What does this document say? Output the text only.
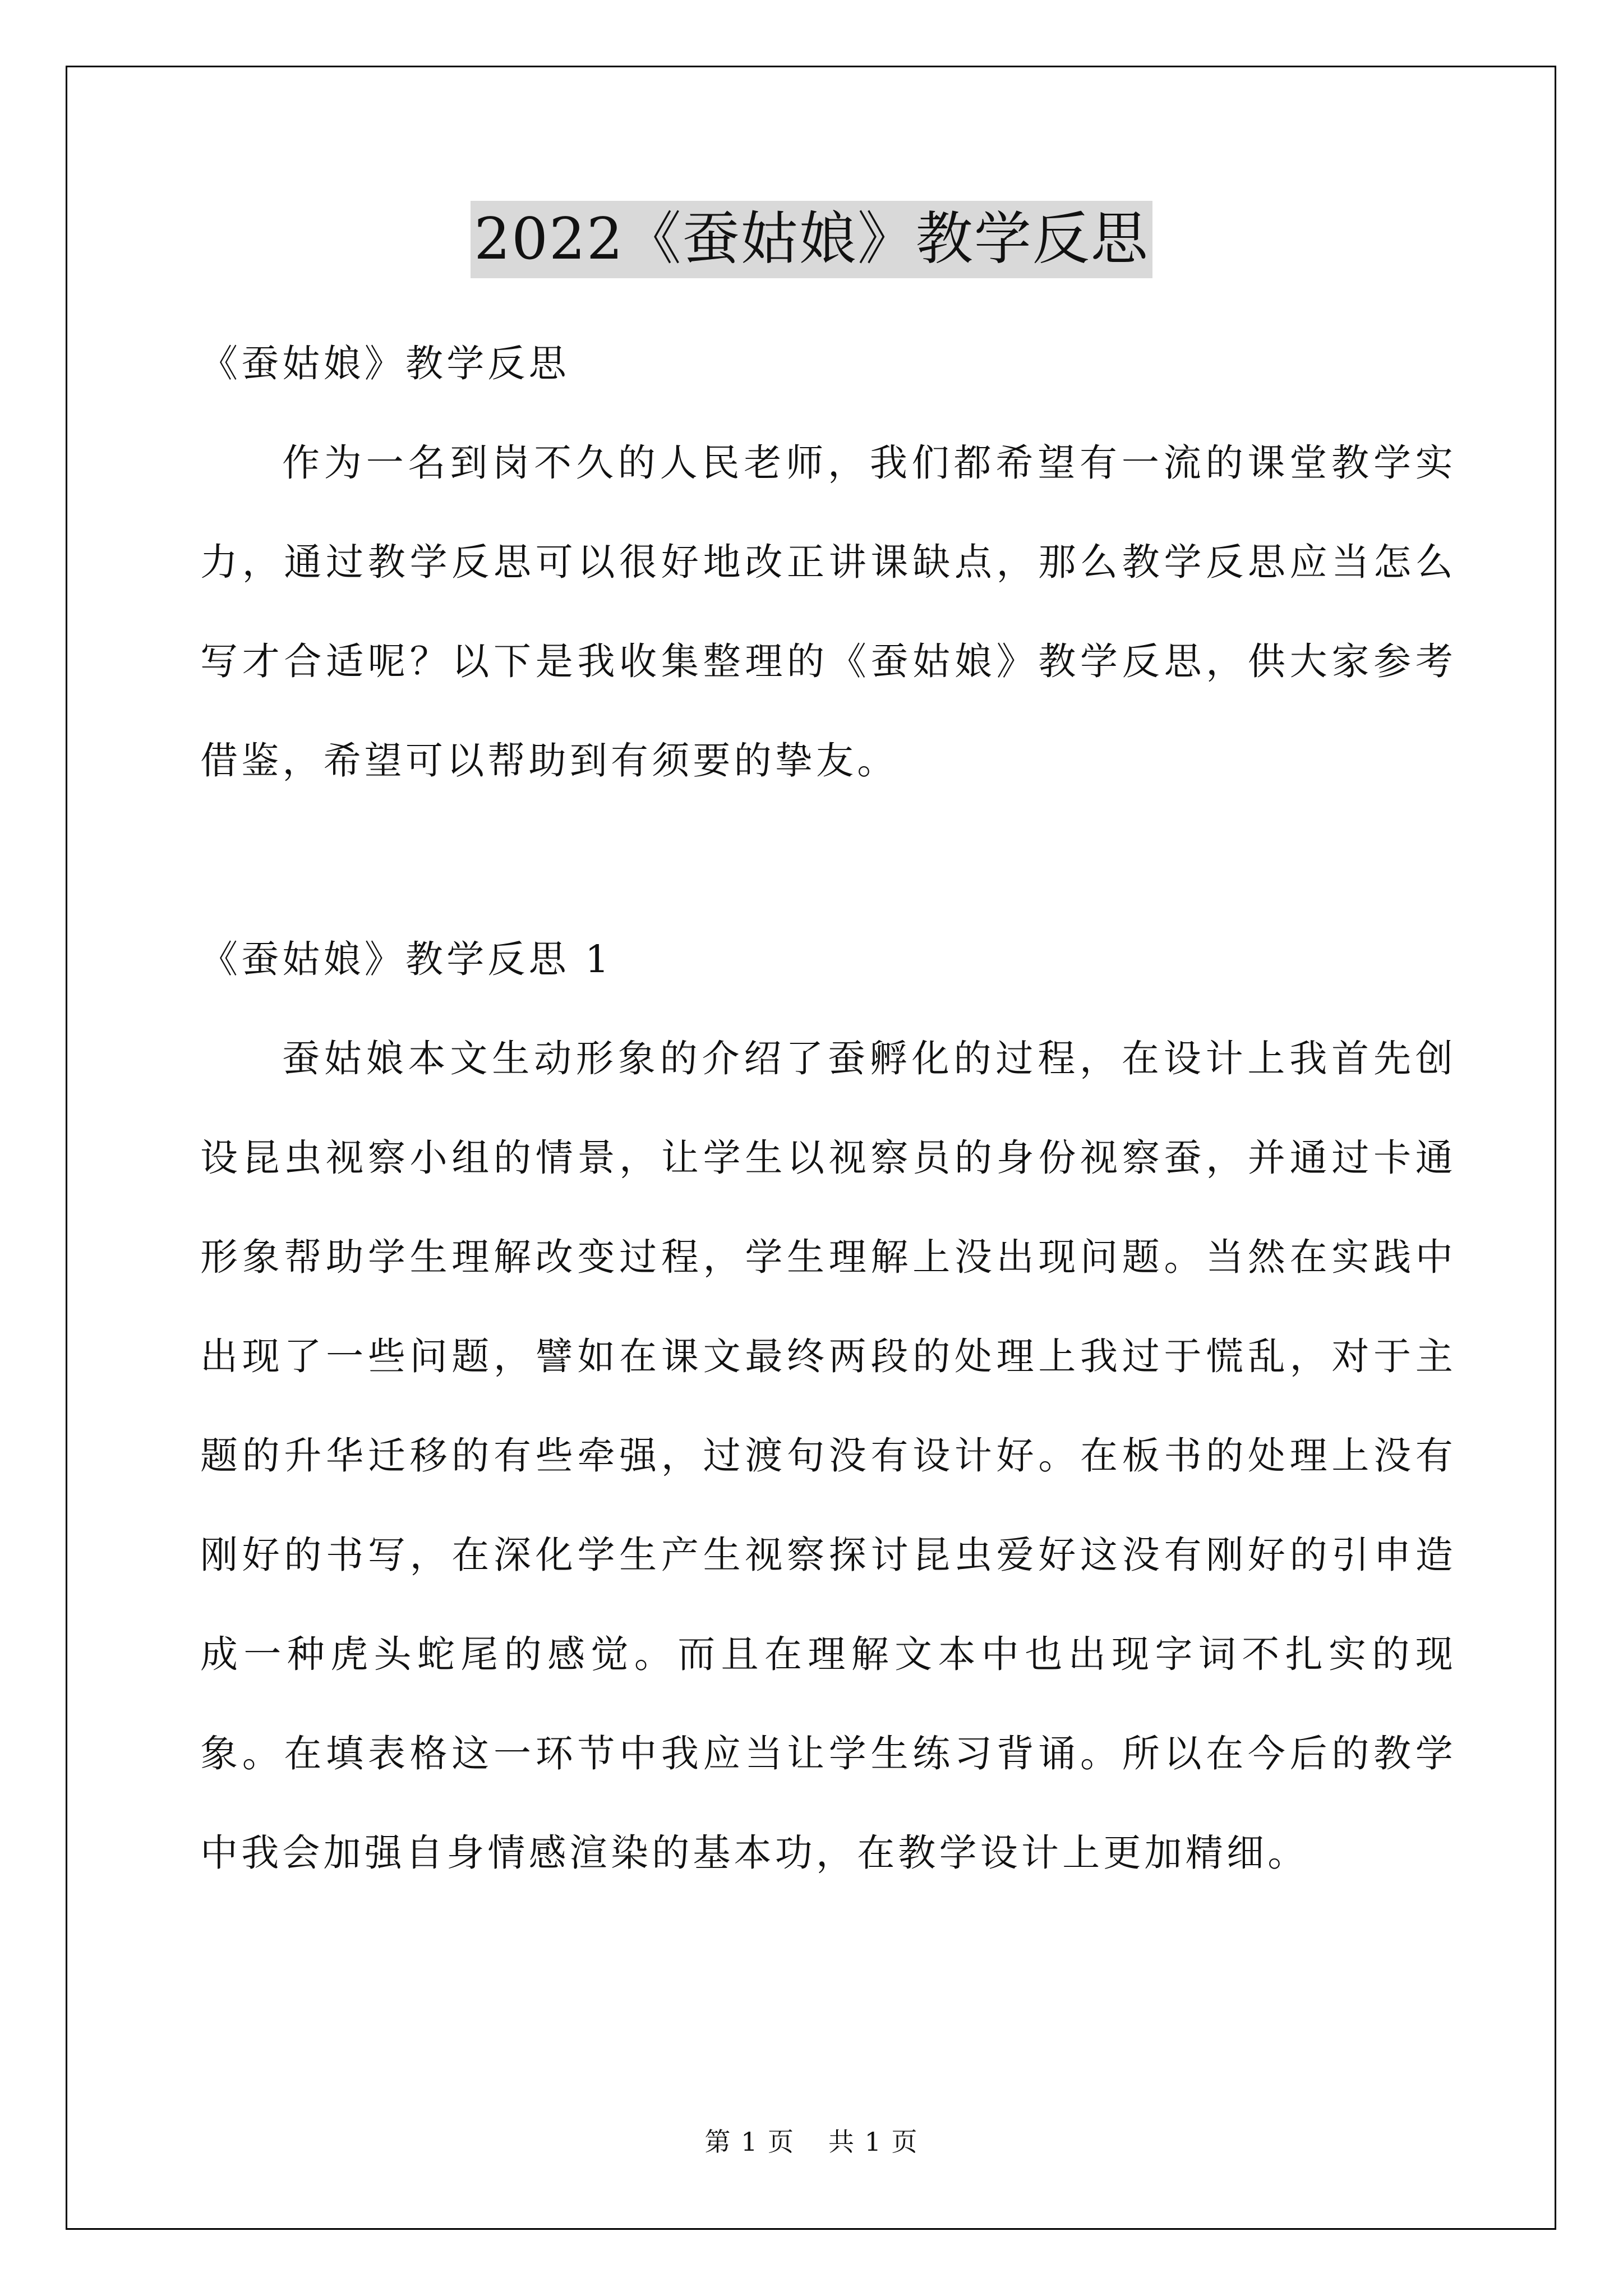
2022《蚕姑娘》教学反思

《蚕姑娘》教学反思

作为一名到岗不久的人民老师，我们都希望有一流的课堂教学实力，通过教学反思可以很好地改正讲课缺点，那么教学反思应当怎么写才合适呢？以下是我收集整理的《蚕姑娘》教学反思，供大家参考借鉴，希望可以帮助到有须要的挚友。

《蚕姑娘》教学反思 1

蚕姑娘本文生动形象的介绍了蚕孵化的过程，在设计上我首先创设昆虫视察小组的情景，让学生以视察员的身份视察蚕，并通过卡通形象帮助学生理解改变过程，学生理解上没出现问题。当然在实践中出现了一些问题，譬如在课文最终两段的处理上我过于慌乱，对于主题的升华迁移的有些牵强，过渡句没有设计好。在板书的处理上没有刚好的书写，在深化学生产生视察探讨昆虫爱好这没有刚好的引申造成一种虎头蛇尾的感觉。而且在理解文本中也出现字词不扎实的现象。在填表格这一环节中我应当让学生练习背诵。所以在今后的教学中我会加强自身情感渲染的基本功，在教学设计上更加精细。

第 1 页 共 1 页
